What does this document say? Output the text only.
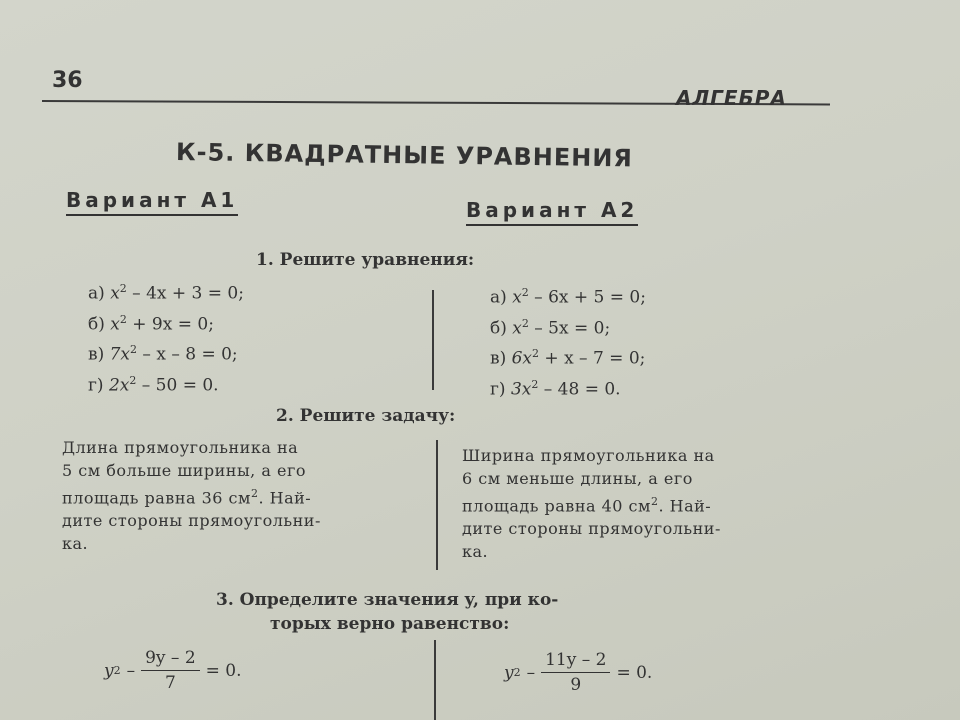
36
АЛГЕБРА
К-5. КВАДРАТНЫЕ УРАВНЕНИЯ
Вариант А1	Вариант А2
1. Решите уравнения:
а) $x^2 - 4x + 3 = 0$;
б) $x^2 + 9x = 0$;
в) $7x^2 - x - 8 = 0$;
г) $2x^2 - 50 = 0$.
а) $x^2 - 6x + 5 = 0$;
б) $x^2 - 5x = 0$;
в) $6x^2 + x - 7 = 0$;
г) $3x^2 - 48 = 0$.
2. Решите задачу:
Длина прямоугольника на
5 см больше ширины, а его
площадь равна 36 $см^2$. Най-
дите стороны прямоугольни-
ка.
Ширина прямоугольника на
6 см меньше длины, а его
площадь равна 40 $см^2$. Най-
дите стороны прямоугольни-
ка.
3. Определите значения y, при ко-
торых верно равенство:
y $2 - \frac{9y - 2}{7} = 0$.	y $2 - \frac{11y - 2}{9} = 0$.
